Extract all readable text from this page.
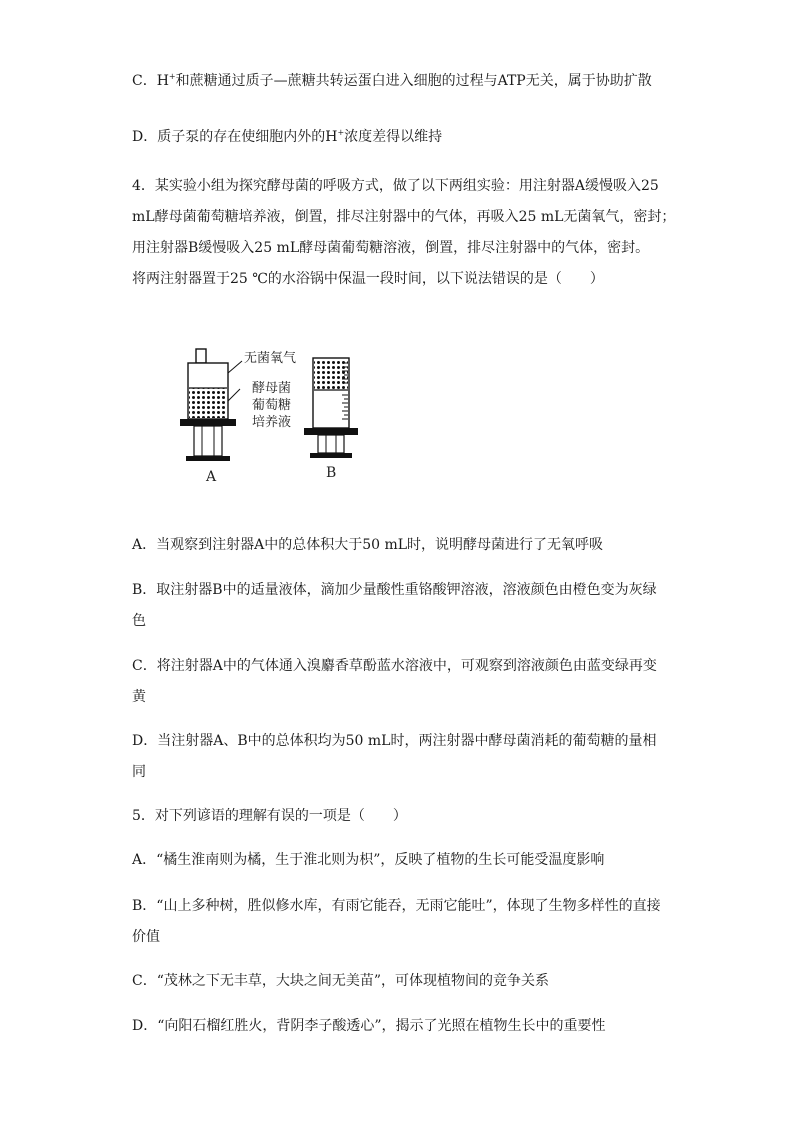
C．H+和蔗糖通过质子—蔗糖共转运蛋白进入细胞的过程与ATP无关，属于协助扩散
D．质子泵的存在使细胞内外的H+浓度差得以维持
4．某实验小组为探究酵母菌的呼吸方式，做了以下两组实验：用注射器A缓慢吸入25
mL酵母菌葡萄糖培养液，倒置，排尽注射器中的气体，再吸入25 mL无菌氧气，密封；
用注射器B缓慢吸入25 mL酵母菌葡萄糖溶液，倒置，排尽注射器中的气体，密封。
将两注射器置于25 ℃的水浴锅中保温一段时间，以下说法错误的是（　　）
无菌氧气
酵母菌
葡萄糖
培养液
A	B
A．当观察到注射器A中的总体积大于50 mL时，说明酵母菌进行了无氧呼吸
B．取注射器B中的适量液体，滴加少量酸性重铬酸钾溶液，溶液颜色由橙色变为灰绿
色
C．将注射器A中的气体通入溴麝香草酚蓝水溶液中，可观察到溶液颜色由蓝变绿再变
黄
D．当注射器A、B中的总体积均为50 mL时，两注射器中酵母菌消耗的葡萄糖的量相
同
5．对下列谚语的理解有误的一项是（　　）
A．“橘生淮南则为橘，生于淮北则为枳”，反映了植物的生长可能受温度影响
B．“山上多种树，胜似修水库，有雨它能吞，无雨它能吐”，体现了生物多样性的直接
价值
C．“茂林之下无丰草，大块之间无美苗”，可体现植物间的竞争关系
D．“向阳石榴红胜火，背阴李子酸透心”，揭示了光照在植物生长中的重要性
